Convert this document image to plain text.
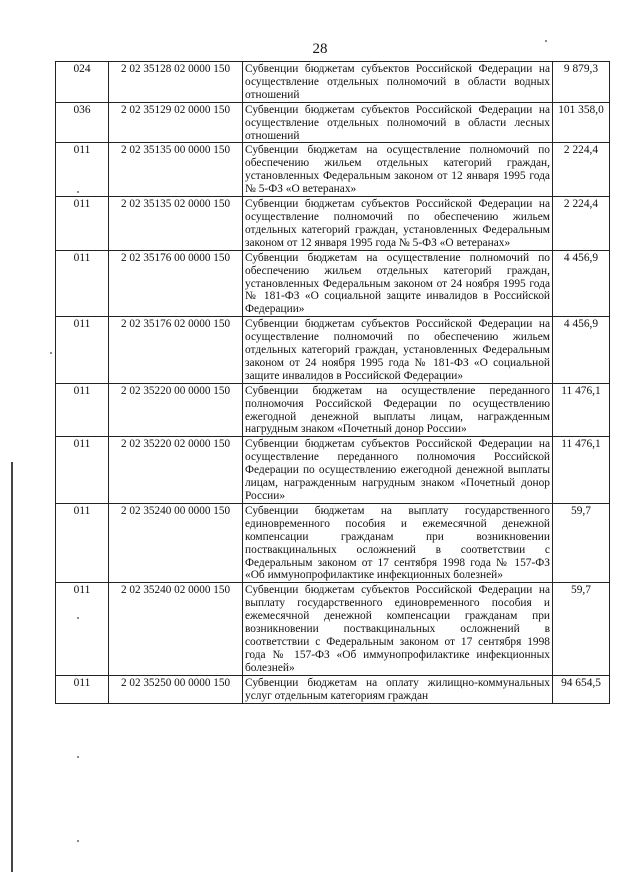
28
024	2 02 35128 02 0000 150	Субвенции бюджетам субъектов Российской Федерации на осуществление отдельных полномочий в области водных отношений	9 879,3
036	2 02 35129 02 0000 150	Субвенции бюджетам субъектов Российской Федерации на осуществление отдельных полномочий в области лесных отношений	101 358,0
011	2 02 35135 00 0000 150	Субвенции бюджетам на осуществление полномочий по обеспечению жильем отдельных категорий граждан, установленных Федеральным законом от 12 января 1995 года № 5-ФЗ «О ветеранах»	2 224,4
011	2 02 35135 02 0000 150	Субвенции бюджетам субъектов Российской Федерации на осуществление полномочий по обеспечению жильем отдельных категорий граждан, установленных Федеральным законом от 12 января 1995 года № 5-ФЗ «О ветеранах»	2 224,4
011	2 02 35176 00 0000 150	Субвенции бюджетам на осуществление полномочий по обеспечению жильем отдельных категорий граждан, установленных Федеральным законом от 24 ноября 1995 года № 181-ФЗ «О социальной защите инвалидов в Российской Федерации»	4 456,9
011	2 02 35176 02 0000 150	Субвенции бюджетам субъектов Российской Федерации на осуществление полномочий по обеспечению жильем отдельных категорий граждан, установленных Федеральным законом от 24 ноября 1995 года № 181-ФЗ «О социальной защите инвалидов в Российской Федерации»	4 456,9
011	2 02 35220 00 0000 150	Субвенции бюджетам на осуществление переданного полномочия Российской Федерации по осуществлению ежегодной денежной выплаты лицам, награжденным нагрудным знаком «Почетный донор России»	11 476,1
011	2 02 35220 02 0000 150	Субвенции бюджетам субъектов Российской Федерации на осуществление переданного полномочия Российской Федерации по осуществлению ежегодной денежной выплаты лицам, награжденным нагрудным знаком «Почетный донор России»	11 476,1
011	2 02 35240 00 0000 150	Субвенции бюджетам на выплату государственного единовременного пособия и ежемесячной денежной компенсации гражданам при возникновении поствакцинальных осложнений в соответствии с Федеральным законом от 17 сентября 1998 года № 157-ФЗ «Об иммунопрофилактике инфекционных болезней»	59,7
011	2 02 35240 02 0000 150	Субвенции бюджетам субъектов Российской Федерации на выплату государственного единовременного пособия и ежемесячной денежной компенсации гражданам при возникновении поствакцинальных осложнений в соответствии с Федеральным законом от 17 сентября 1998 года № 157-ФЗ «Об иммунопрофилактике инфекционных болезней»	59,7
011	2 02 35250 00 0000 150	Субвенции бюджетам на оплату жилищно-коммунальных услуг отдельным категориям граждан	94 654,5
